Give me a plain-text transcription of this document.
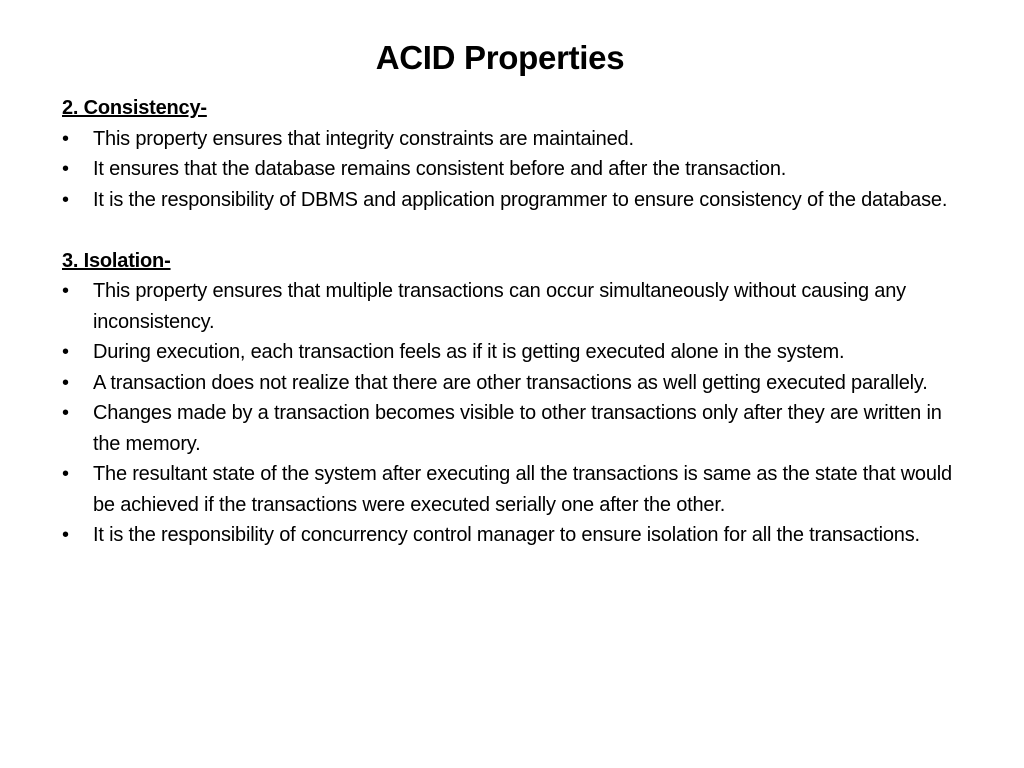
ACID Properties

2. Consistency-

•	This property ensures that integrity constraints are maintained.
•	It ensures that the database remains consistent before and after the transaction.
•	It is the responsibility of DBMS and application programmer to ensure consistency of the database.

3. Isolation-

•	This property ensures that multiple transactions can occur simultaneously without causing any inconsistency.
•	During execution, each transaction feels as if it is getting executed alone in the system.
•	A transaction does not realize that there are other transactions as well getting executed parallely.
•	Changes made by a transaction becomes visible to other transactions only after they are written in the memory.
•	The resultant state of the system after executing all the transactions is same as the state that would be achieved if the transactions were executed serially one after the other.
•	It is the responsibility of concurrency control manager to ensure isolation for all the transactions.
